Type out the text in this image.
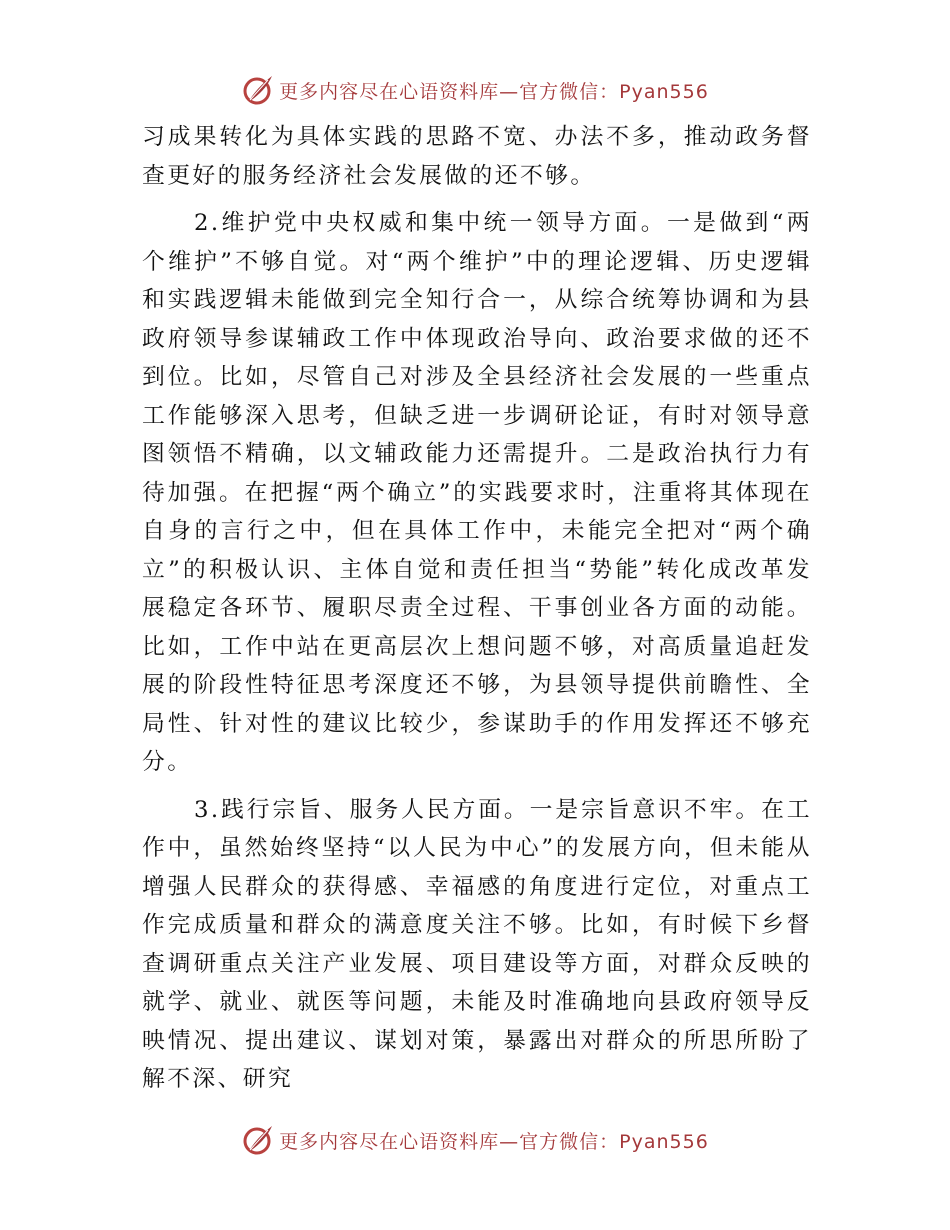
更多内容尽在心语资料库—官方微信：Pyan556

习成果转化为具体实践的思路不宽、办法不多，推动政务督查更好的服务经济社会发展做的还不够。

2.维护党中央权威和集中统一领导方面。一是做到“两个维护”不够自觉。对“两个维护”中的理论逻辑、历史逻辑和实践逻辑未能做到完全知行合一，从综合统筹协调和为县政府领导参谋辅政工作中体现政治导向、政治要求做的还不到位。比如，尽管自己对涉及全县经济社会发展的一些重点工作能够深入思考，但缺乏进一步调研论证，有时对领导意图领悟不精确，以文辅政能力还需提升。二是政治执行力有待加强。在把握“两个确立”的实践要求时，注重将其体现在自身的言行之中，但在具体工作中，未能完全把对“两个确立”的积极认识、主体自觉和责任担当“势能”转化成改革发展稳定各环节、履职尽责全过程、干事创业各方面的动能。比如，工作中站在更高层次上想问题不够，对高质量追赶发展的阶段性特征思考深度还不够，为县领导提供前瞻性、全局性、针对性的建议比较少，参谋助手的作用发挥还不够充分。

3.践行宗旨、服务人民方面。一是宗旨意识不牢。在工作中，虽然始终坚持“以人民为中心”的发展方向，但未能从增强人民群众的获得感、幸福感的角度进行定位，对重点工作完成质量和群众的满意度关注不够。比如，有时候下乡督查调研重点关注产业发展、项目建设等方面，对群众反映的就学、就业、就医等问题，未能及时准确地向县政府领导反映情况、提出建议、谋划对策，暴露出对群众的所思所盼了解不深、研究

更多内容尽在心语资料库—官方微信：Pyan556
